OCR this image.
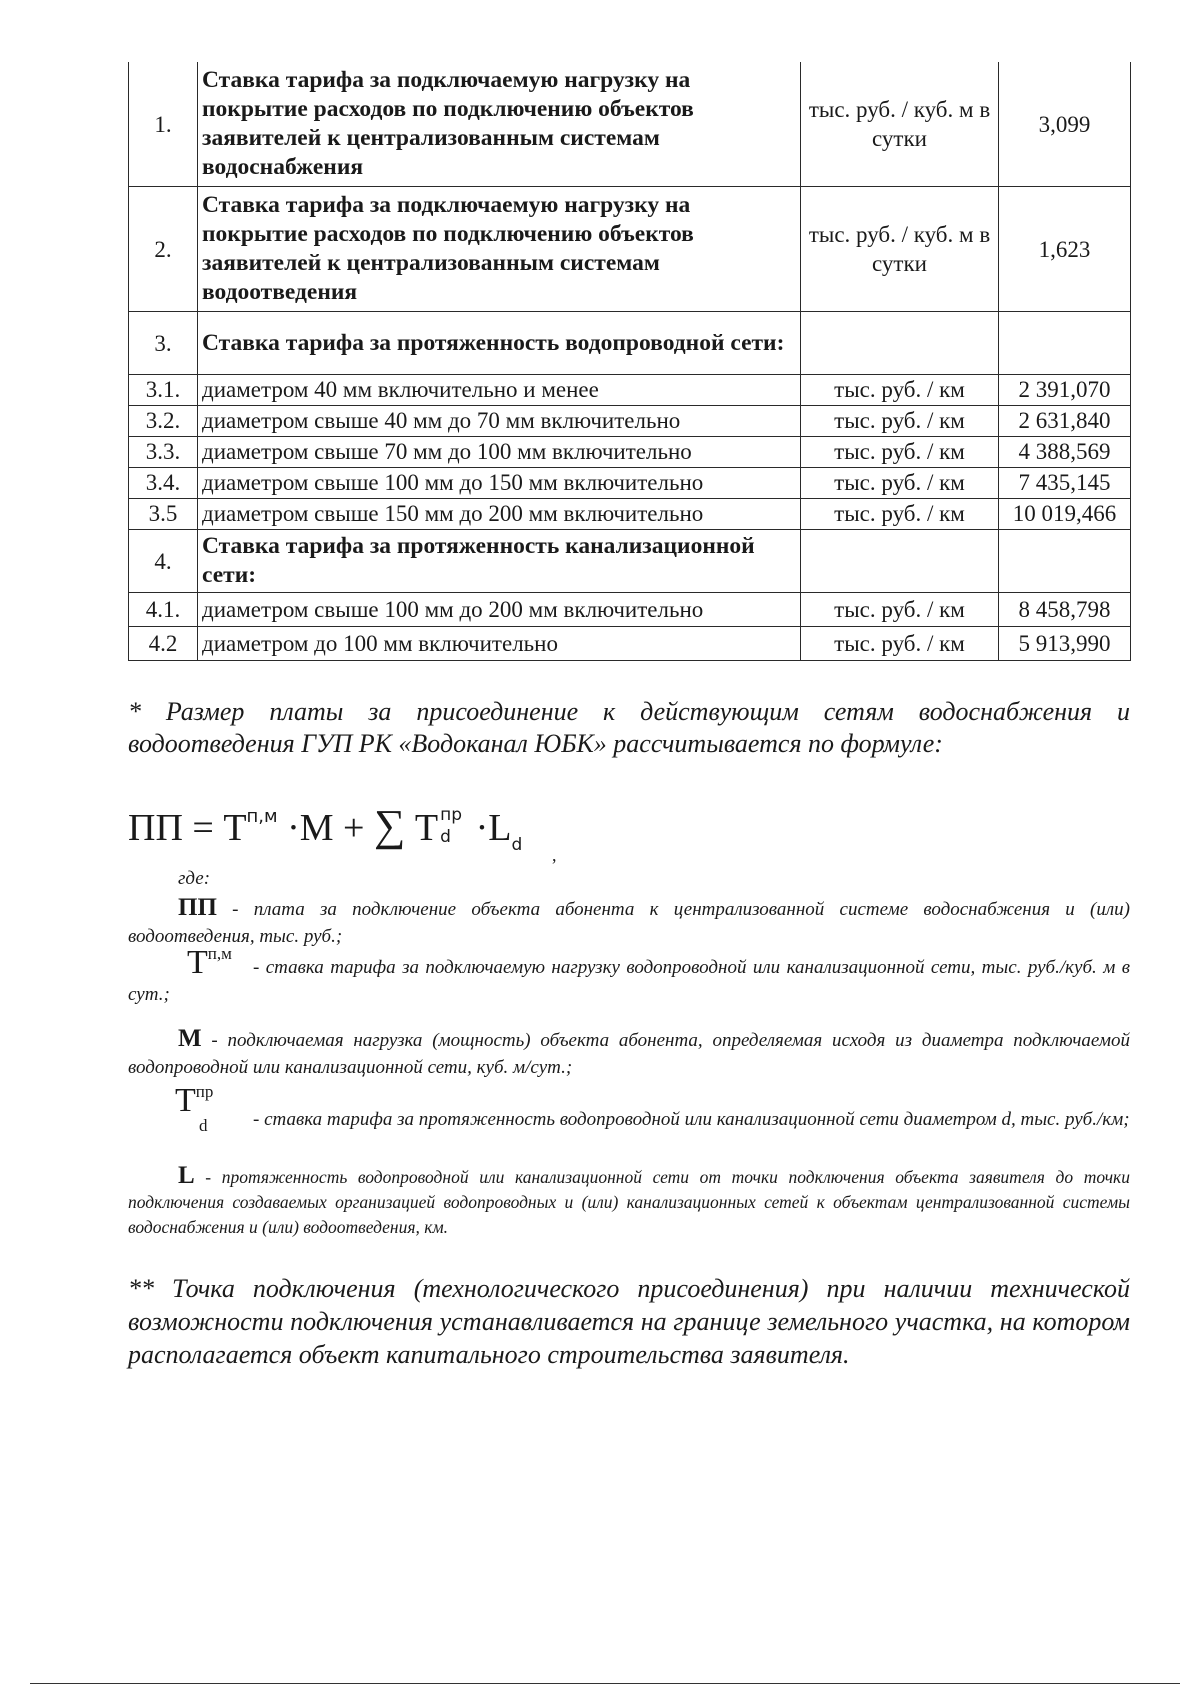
1.	Ставка тарифа за подключаемую нагрузку на покрытие расходов по подключению объектов заявителей к централизованным системам водоснабжения	тыс. руб. / куб. м в сутки	3,099
2.	Ставка тарифа за подключаемую нагрузку на покрытие расходов по подключению объектов заявителей к централизованным системам водоотведения	тыс. руб. / куб. м в сутки	1,623
3.	Ставка тарифа за протяженность водопроводной сети:		
3.1.	диаметром 40 мм включительно и менее	тыс. руб. / км	2 391,070
3.2.	диаметром свыше 40 мм до 70 мм включительно	тыс. руб. / км	2 631,840
3.3.	диаметром свыше 70 мм до 100 мм включительно	тыс. руб. / км	4 388,569
3.4.	диаметром свыше 100 мм до 150 мм включительно	тыс. руб. / км	7 435,145
3.5	диаметром свыше 150 мм до 200 мм включительно	тыс. руб. / км	10 019,466
4.	Ставка тарифа за протяженность канализационной сети:		
4.1.	диаметром свыше 100 мм до 200 мм включительно	тыс. руб. / км	8 458,798
4.2	диаметром до 100 мм включительно	тыс. руб. / км	5 913,990
* Размер платы за присоединение к действующим сетям водоснабжения и водоотведения ГУП РК «Водоканал ЮБК» рассчитывается по формуле:
ПП = $Т^{п,м} \cdot М$ + ∑ Т пр
$d \cdot L_d$ ,
где:
ПП - плата за подключение объекта абонента к централизованной системе водоснабжения и (или) водоотведения, тыс. руб.;
$Т^{п,м}$
- ставка тарифа за подключаемую нагрузку водопроводной или канализационной сети, тыс. руб./куб. м в сут.;
М - подключаемая нагрузка (мощность) объекта абонента, определяемая исходя из диаметра подключаемой водопроводной или канализационной сети, куб. м/сут.;
$Т^{пр}$
d	- ставка тарифа за протяженность водопроводной или канализационной сети диаметром d, тыс. руб./км;
L - протяженность водопроводной или канализационной сети от точки подключения объекта заявителя до точки подключения создаваемых организацией водопроводных и (или) канализационных сетей к объектам централизованной системы водоснабжения и (или) водоотведения, км.
** Точка подключения (технологического присоединения) при наличии технической возможности подключения устанавливается на границе земельного участка, на котором располагается объект капитального строительства заявителя.
